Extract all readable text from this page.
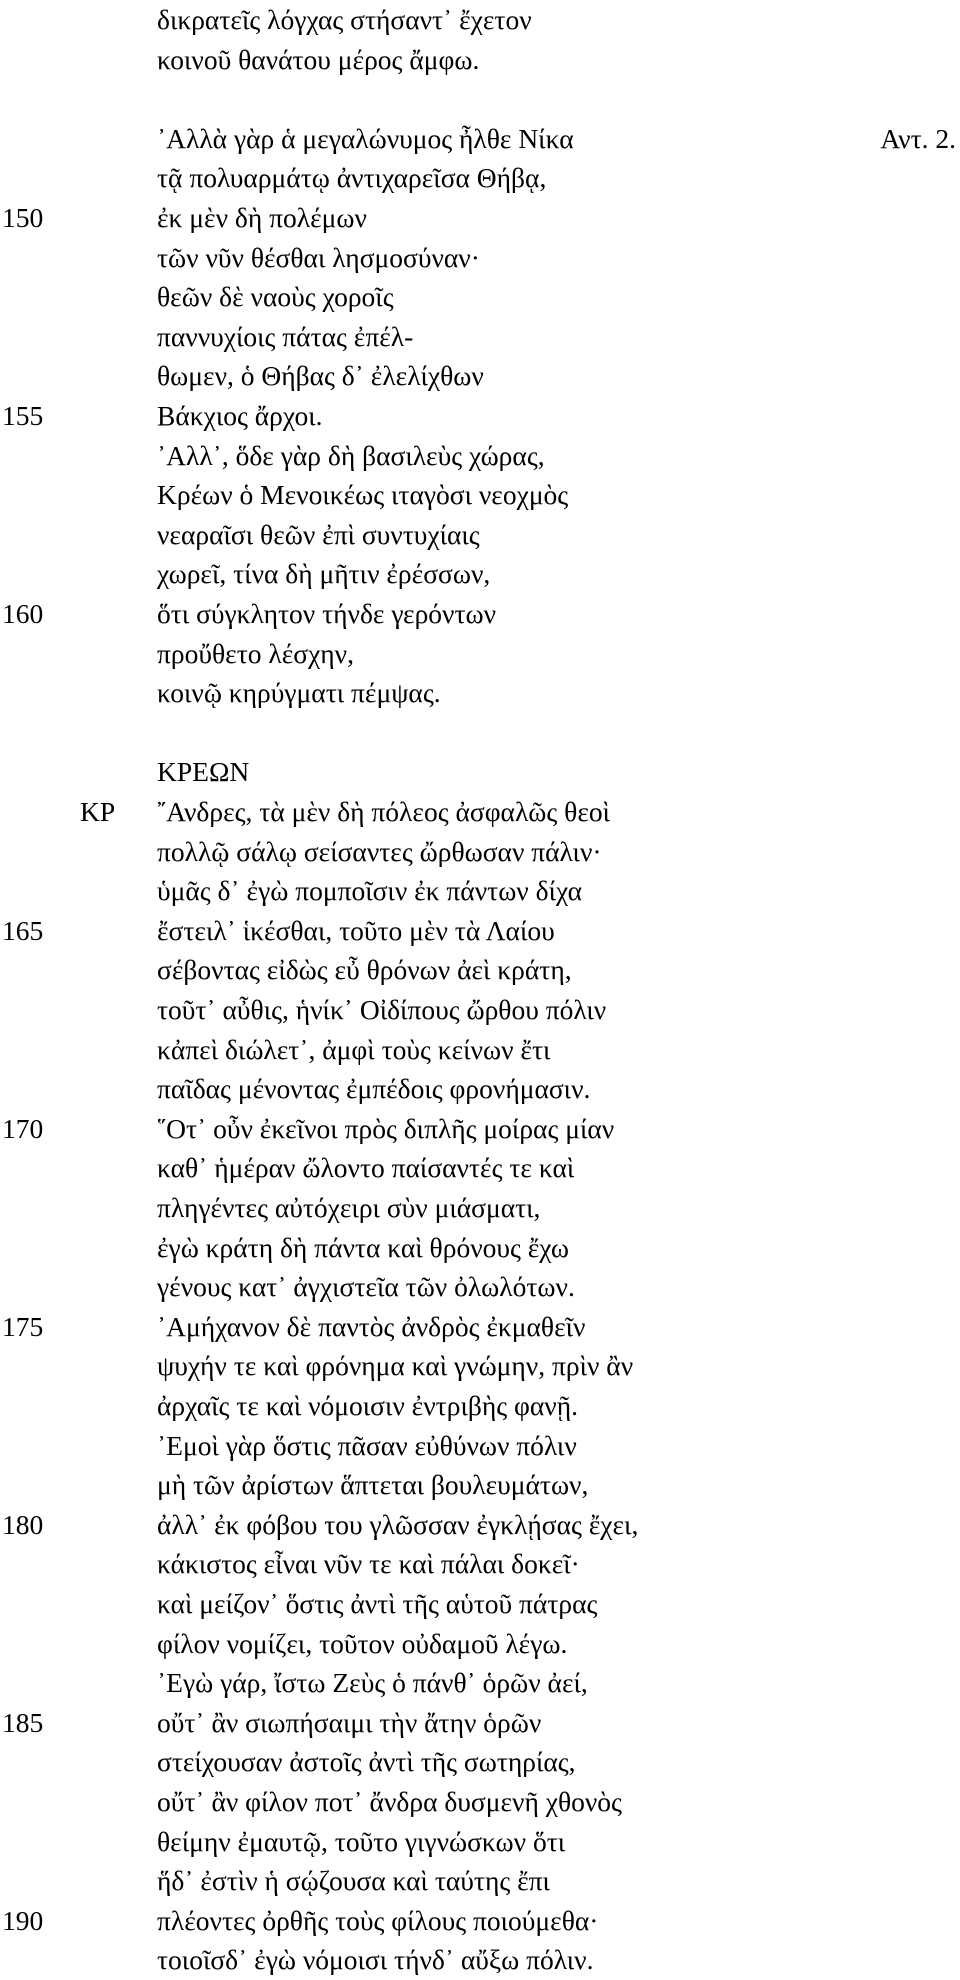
δικρατεῖς λόγχας στήσαντ᾽ ἔχετον
κοινοῦ θανάτου μέρος ἄμφω.
᾽Αλλὰ γὰρ ἁ μεγαλώνυμος ἦλθε Νίκα	Αντ. 2.
τᾷ πολυαρμάτῳ ἀντιχαρεῖσα Θήβᾳ,
150	ἐκ μὲν δὴ πολέμων
τῶν νῦν θέσθαι λησμοσύναν·
θεῶν δὲ ναοὺς χοροῖς
παννυχίοις πάτας ἐπέλ-
θωμεν, ὁ Θήβας δ᾽ ἐλελίχθων
155	Βάκχιος ἄρχοι.
᾽Αλλ᾽, ὅδε γὰρ δὴ βασιλεὺς χώρας,
Κρέων ὁ Μενοικέως ιταγὸσι νεοχμὸς
νεαραῖσι θεῶν ἐπὶ συντυχίαις
χωρεῖ, τίνα δὴ μῆτιν ἐρέσσων,
160	ὅτι σύγκλητον τήνδε γερόντων
προὔθετο λέσχην,
κοινῷ κηρύγματι πέμψας.
ΚΡΕΩΝ
ΚΡ ῎Ανδρες, τὰ μὲν δὴ πόλεος ἀσφαλῶς θεοὶ
πολλῷ σάλῳ σείσαντες ὤρθωσαν πάλιν·
ὑμᾶς δ᾽ ἐγὼ πομποῖσιν ἐκ πάντων δίχα
165	ἔστειλ᾽ ἱκέσθαι, τοῦτο μὲν τὰ Λαίου
σέβοντας εἰδὼς εὖ θρόνων ἀεὶ κράτη,
τοῦτ᾽ αὖθις, ἡνίκ᾽ Οἰδίπους ὤρθου πόλιν
κἀπεὶ διώλετ᾽, ἀμφὶ τοὺς κείνων ἔτι
παῖδας μένοντας ἐμπέδοις φρονήμασιν.
170	῞Οτ᾽ οὖν ἐκεῖνοι πρὸς διπλῆς μοίρας μίαν
καθ᾽ ἡμέραν ὤλοντο παίσαντές τε καὶ
πληγέντες αὐτόχειρι σὺν μιάσματι,
ἐγὼ κράτη δὴ πάντα καὶ θρόνους ἔχω
γένους κατ᾽ ἀγχιστεῖα τῶν ὀλωλότων.
175	᾽Αμήχανον δὲ παντὸς ἀνδρὸς ἐκμαθεῖν
ψυχήν τε καὶ φρόνημα καὶ γνώμην, πρὶν ἂν
ἀρχαῖς τε καὶ νόμοισιν ἐντριβὴς φανῇ.
᾽Εμοὶ γὰρ ὅστις πᾶσαν εὐθύνων πόλιν
μὴ τῶν ἀρίστων ἅπτεται βουλευμάτων,
180	ἀλλ᾽ ἐκ φόβου του γλῶσσαν ἐγκλῄσας ἔχει,
κάκιστος εἶναι νῦν τε καὶ πάλαι δοκεῖ·
καὶ μείζον᾽ ὅστις ἀντὶ τῆς αὑτοῦ πάτρας
φίλον νομίζει, τοῦτον οὐδαμοῦ λέγω.
᾽Εγὼ γάρ, ἴστω Ζεὺς ὁ πάνθ᾽ ὁρῶν ἀεί,
185	οὔτ᾽ ἂν σιωπήσαιμι τὴν ἄτην ὁρῶν
στείχουσαν ἀστοῖς ἀντὶ τῆς σωτηρίας,
οὔτ᾽ ἂν φίλον ποτ᾽ ἄνδρα δυσμενῆ χθονὸς
θείμην ἐμαυτῷ, τοῦτο γιγνώσκων ὅτι
ἥδ᾽ ἐστὶν ἡ σῴζουσα καὶ ταύτης ἔπι
190	πλέοντες ὀρθῆς τοὺς φίλους ποιούμεθα·
τοιοῖσδ᾽ ἐγὼ νόμοισι τήνδ᾽ αὔξω πόλιν.
